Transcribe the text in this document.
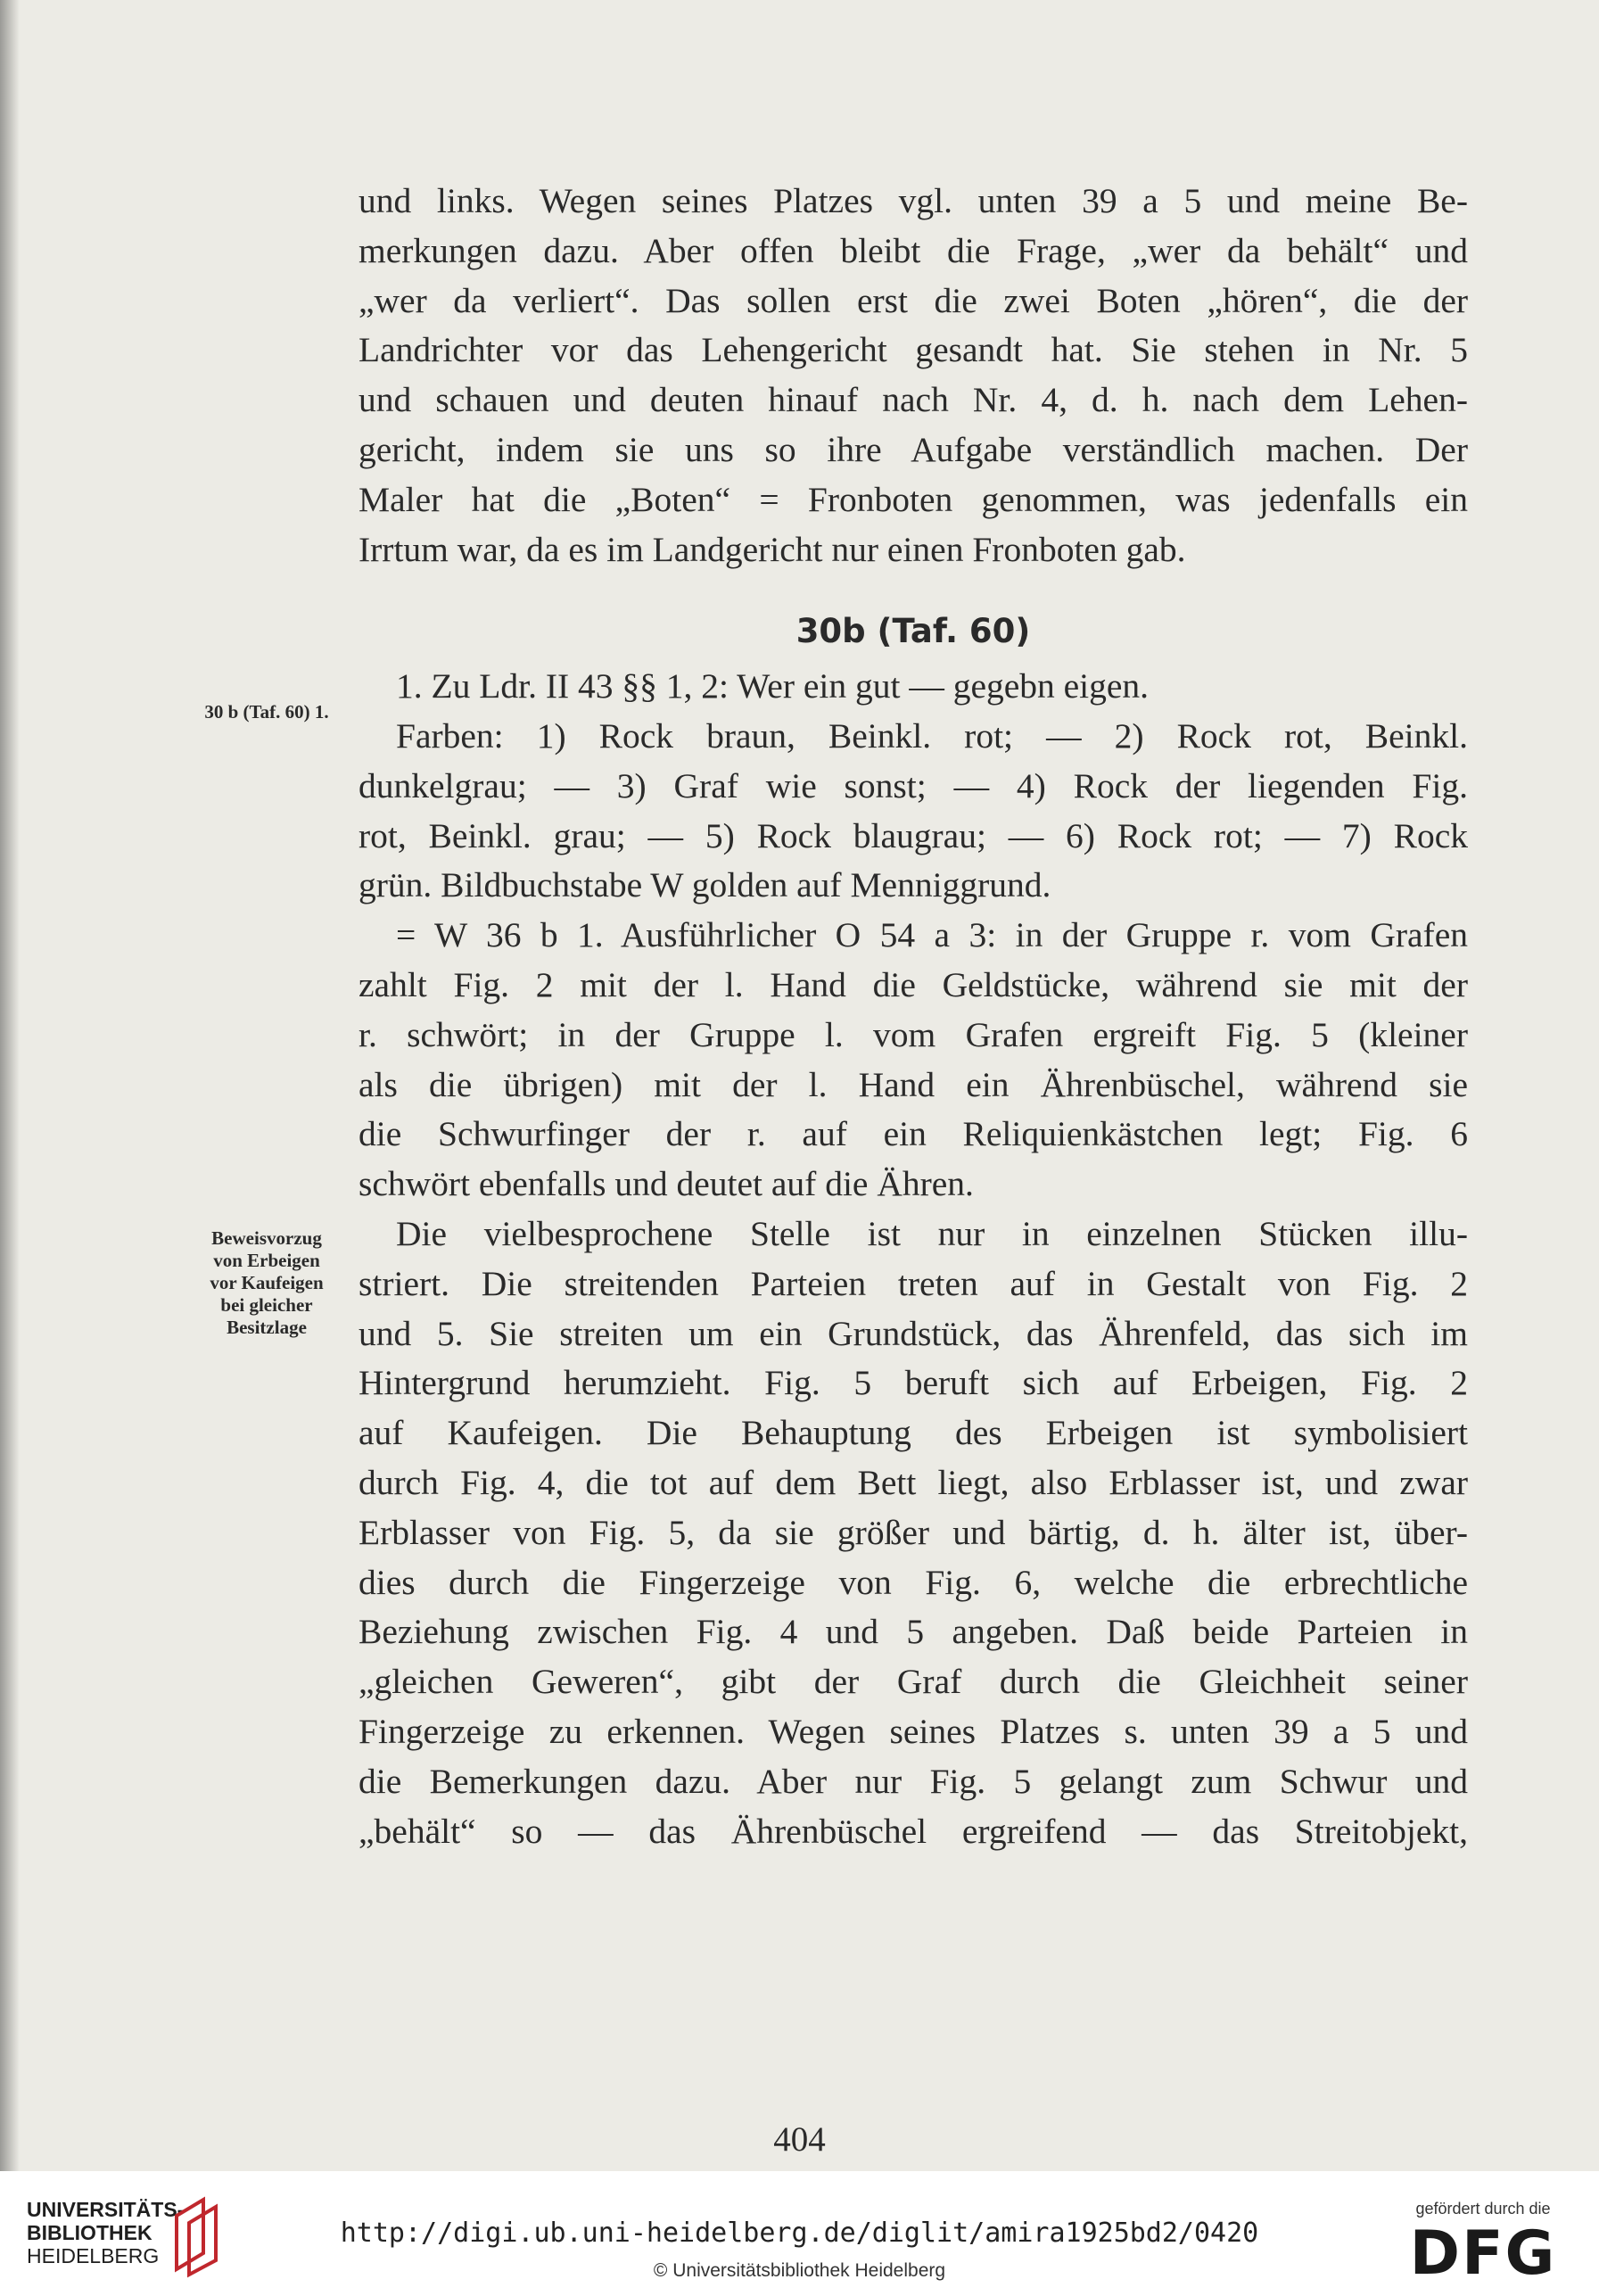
30 b (Taf. 60) 1.
Beweisvorzug
von Erbeigen
vor Kaufeigen
bei gleicher
Besitzlage

und links. Wegen seines Platzes vgl. unten 39 a 5 und meine Be-

merkungen dazu. Aber offen bleibt die Frage, „wer da behält“ und

„wer da verliert“. Das sollen erst die zwei Boten „hören“, die der

Landrichter vor das Lehengericht gesandt hat. Sie stehen in Nr. 5

und schauen und deuten hinauf nach Nr. 4, d. h. nach dem Lehen-

gericht, indem sie uns so ihre Aufgabe verständlich machen. Der

Maler hat die „Boten“ = Fronboten genommen, was jedenfalls ein

Irrtum war, da es im Landgericht nur einen Fronboten gab.

30b (Taf. 60)

1. Zu Ldr. II 43 §§ 1, 2: Wer ein gut — gegebn eigen.

Farben: 1) Rock braun, Beinkl. rot; — 2) Rock rot, Beinkl.

dunkelgrau; — 3) Graf wie sonst; — 4) Rock der liegenden Fig.

rot, Beinkl. grau; — 5) Rock blaugrau; — 6) Rock rot; — 7) Rock

grün. Bildbuchstabe W golden auf Menniggrund.

= W 36 b 1. Ausführlicher O 54 a 3: in der Gruppe r. vom Grafen

zahlt Fig. 2 mit der l. Hand die Geldstücke, während sie mit der

r. schwört; in der Gruppe l. vom Grafen ergreift Fig. 5 (kleiner

als die übrigen) mit der l. Hand ein Ährenbüschel, während sie

die Schwurfinger der r. auf ein Reliquienkästchen legt; Fig. 6

schwört ebenfalls und deutet auf die Ähren.

Die vielbesprochene Stelle ist nur in einzelnen Stücken illu-

striert. Die streitenden Parteien treten auf in Gestalt von Fig. 2

und 5. Sie streiten um ein Grundstück, das Ährenfeld, das sich im

Hintergrund herumzieht. Fig. 5 beruft sich auf Erbeigen, Fig. 2

auf Kaufeigen. Die Behauptung des Erbeigen ist symbolisiert

durch Fig. 4, die tot auf dem Bett liegt, also Erblasser ist, und zwar

Erblasser von Fig. 5, da sie größer und bärtig, d. h. älter ist, über-

dies durch die Fingerzeige von Fig. 6, welche die erbrechtliche

Beziehung zwischen Fig. 4 und 5 angeben. Daß beide Parteien in

„gleichen Geweren“, gibt der Graf durch die Gleichheit seiner

Fingerzeige zu erkennen. Wegen seines Platzes s. unten 39 a 5 und

die Bemerkungen dazu. Aber nur Fig. 5 gelangt zum Schwur und

„behält“ so — das Ährenbüschel ergreifend — das Streitobjekt,

404
UNIVERSITÄTS-
BIBLIOTHEK
HEIDELBERG
http://digi.ub.uni-heidelberg.de/diglit/amira1925bd2/0420
© Universitätsbibliothek Heidelberg
gefördert durch die
DFG
